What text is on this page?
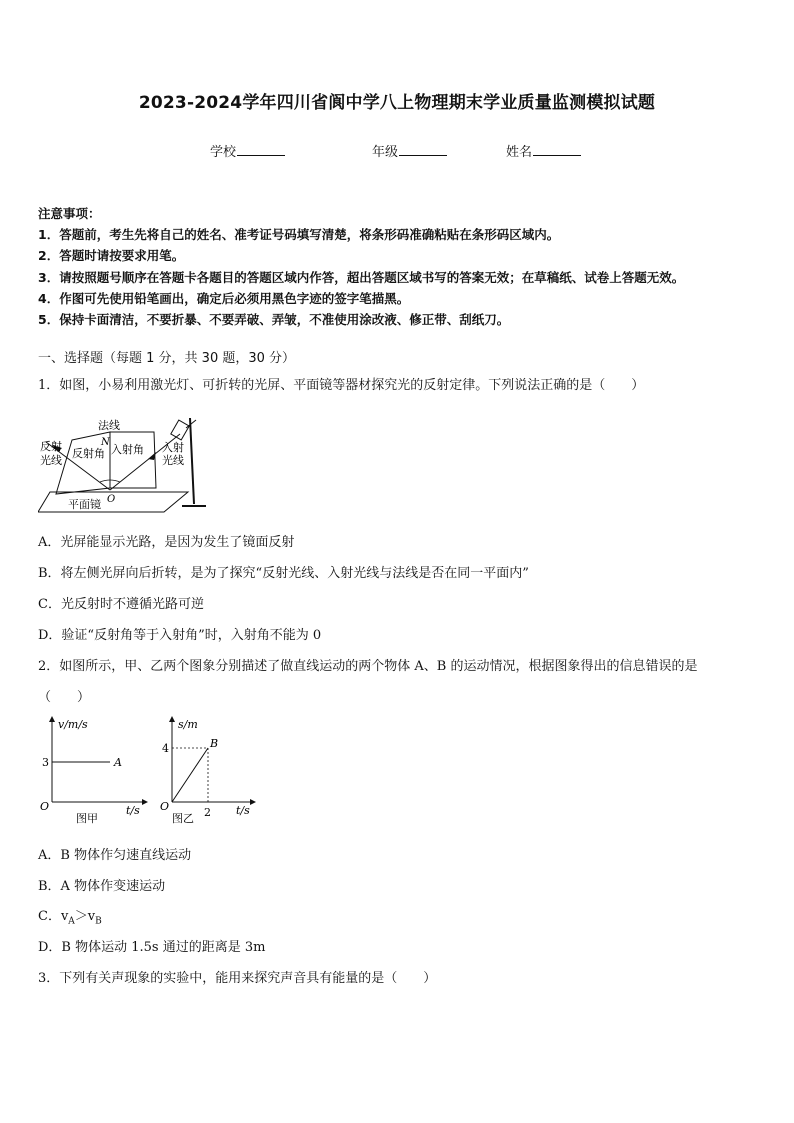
2023-2024学年四川省阆中学八上物理期末学业质量监测模拟试题
学校	年级	姓名
注意事项：
1．答题前，考生先将自己的姓名、准考证号码填写清楚，将条形码准确粘贴在条形码区域内。
2．答题时请按要求用笔。
3．请按照题号顺序在答题卡各题目的答题区域内作答，超出答题区域书写的答案无效；在草稿纸、试卷上答题无效。
4．作图可先使用铅笔画出，确定后必须用黑色字迹的签字笔描黑。
5．保持卡面清洁，不要折暴、不要弄破、弄皱，不准使用涂改液、修正带、刮纸刀。
一、选择题（每题 1 分，共 30 题，30 分）
1．如图，小易利用激光灯、可折转的光屏、平面镜等器材探究光的反射定律。下列说法正确的是（　　）
法线
N
反射
光线
反射角 入射角 入射
光线
O
平面镜
A．光屏能显示光路，是因为发生了镜面反射
B．将左侧光屏向后折转，是为了探究“反射光线、入射光线与法线是否在同一平面内”
C．光反射时不遵循光路可逆
D．验证“反射角等于入射角”时，入射角不能为 0
2．如图所示，甲、乙两个图象分别描述了做直线运动的两个物体 A、B 的运动情况，根据图象得出的信息错误的是
（　　）
v/m/s
3	A
O	t/s
图甲
s/m
4	B
O	2 t/s
图乙
A．B 物体作匀速直线运动
B．A 物体作变速运动
C．$v_A>v_B$
D．B 物体运动 1.5s 通过的距离是 3m
3．下列有关声现象的实验中，能用来探究声音具有能量的是（　　）
